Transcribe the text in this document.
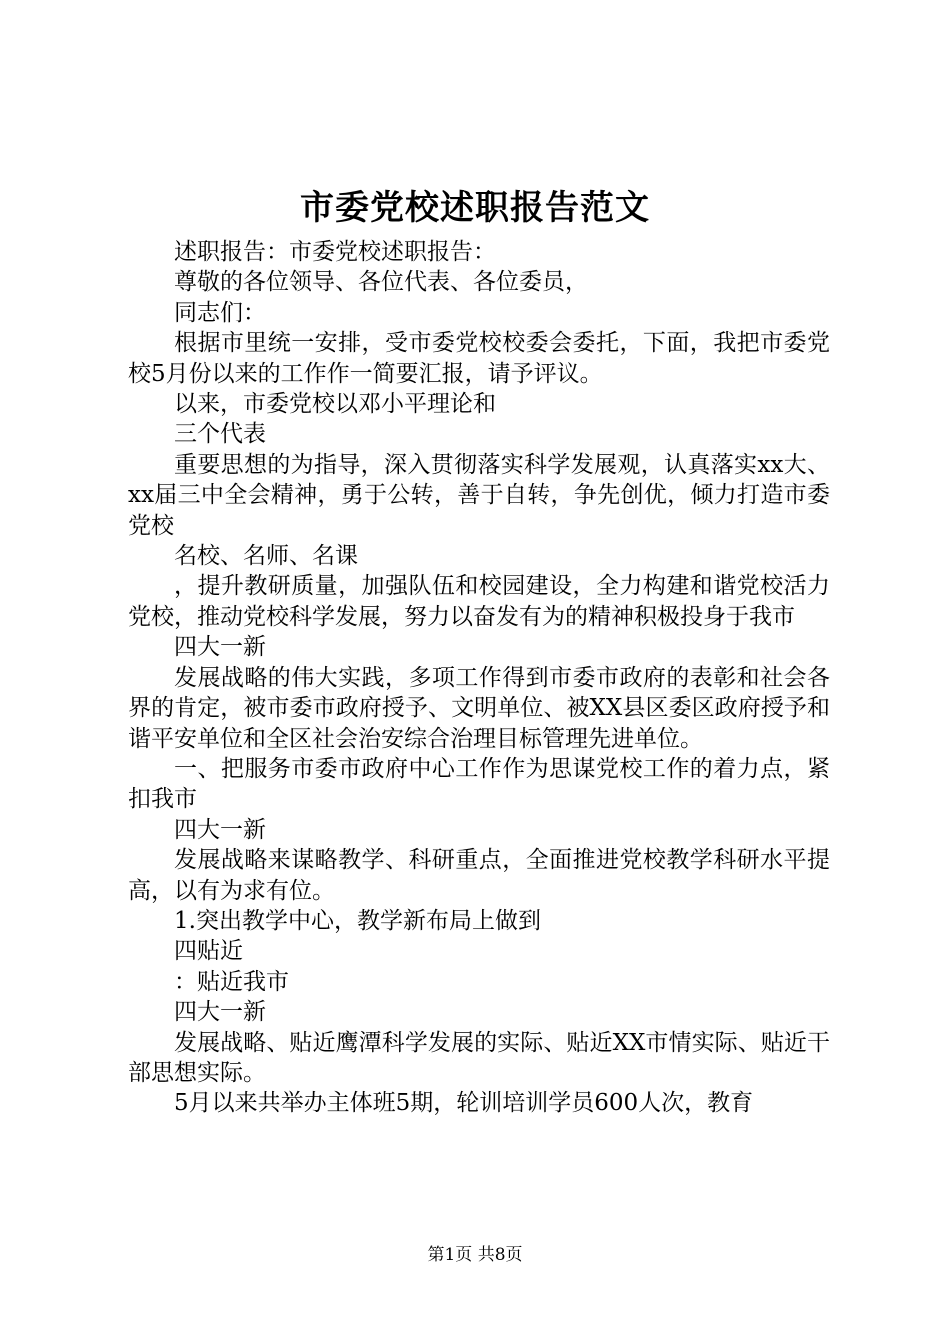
市委党校述职报告范文

述职报告：市委党校述职报告：

尊敬的各位领导、各位代表、各位委员，

同志们：

根据市里统一安排，受市委党校校委会委托，下面，我把市委党校5月份以来的工作作一简要汇报，请予评议。

以来，市委党校以邓小平理论和

三个代表

重要思想的为指导，深入贯彻落实科学发展观，认真落实xx大、xx届三中全会精神，勇于公转，善于自转，争先创优，倾力打造市委党校

名校、名师、名课

，提升教研质量，加强队伍和校园建设，全力构建和谐党校活力党校，推动党校科学发展，努力以奋发有为的精神积极投身于我市

四大一新

发展战略的伟大实践，多项工作得到市委市政府的表彰和社会各界的肯定，被市委市政府授予、文明单位、被XX县区委区政府授予和谐平安单位和全区社会治安综合治理目标管理先进单位。

一、把服务市委市政府中心工作作为思谋党校工作的着力点，紧扣我市

四大一新

发展战略来谋略教学、科研重点，全面推进党校教学科研水平提高，以有为求有位。

1.突出教学中心，教学新布局上做到

四贴近

：贴近我市

四大一新

发展战略、贴近鹰潭科学发展的实际、贴近XX市情实际、贴近干部思想实际。

5月以来共举办主体班5期，轮训培训学员600人次，教育

第1页 共8页
